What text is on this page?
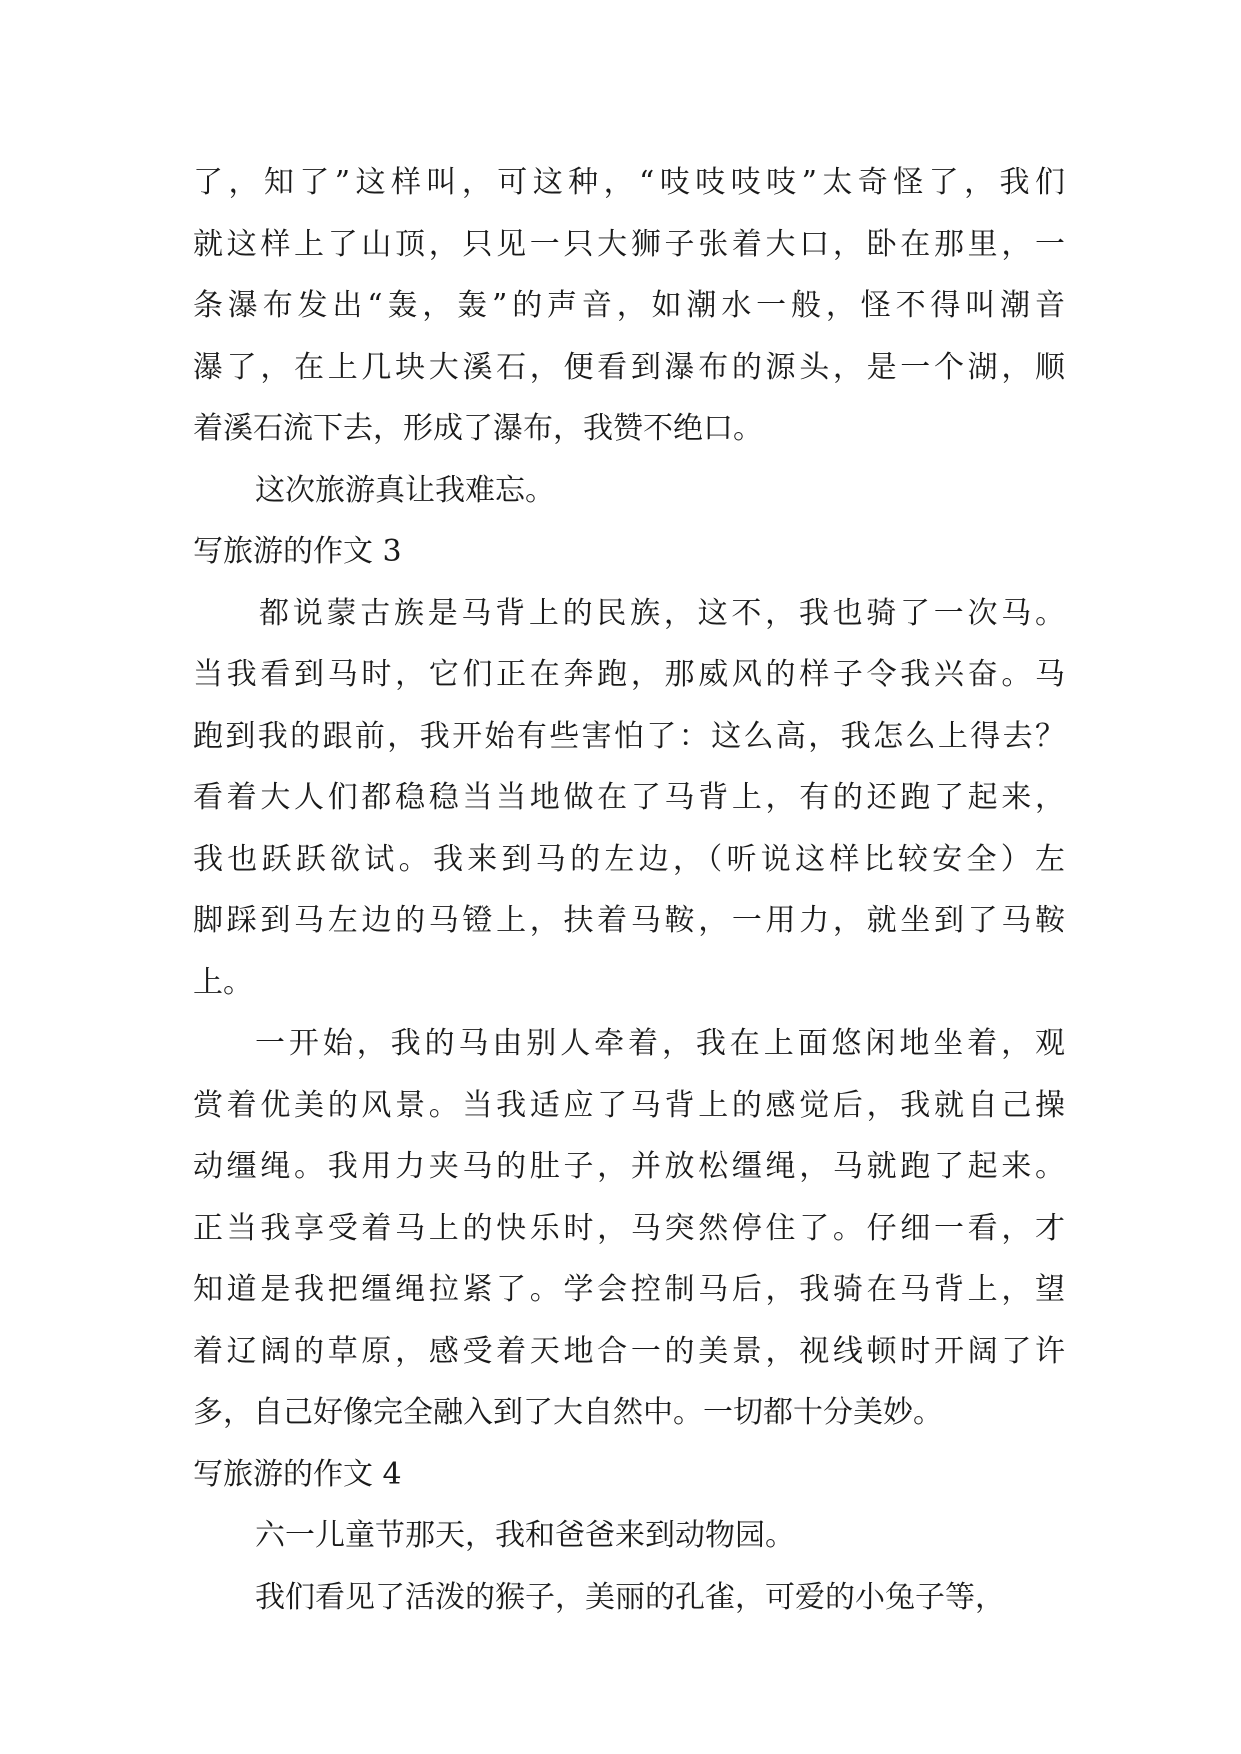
了，知了”这样叫，可这种，“吱吱吱吱”太奇怪了，我们
就这样上了山顶，只见一只大狮子张着大口，卧在那里，一
条瀑布发出“轰，轰”的声音，如潮水一般，怪不得叫潮音
瀑了，在上几块大溪石，便看到瀑布的源头，是一个湖，顺
着溪石流下去，形成了瀑布，我赞不绝口。
这次旅游真让我难忘。
写旅游的作文 3
都说蒙古族是马背上的民族，这不，我也骑了一次马。
当我看到马时，它们正在奔跑，那威风的样子令我兴奋。马
跑到我的跟前，我开始有些害怕了：这么高，我怎么上得去？
看着大人们都稳稳当当地做在了马背上，有的还跑了起来，
我也跃跃欲试。我来到马的左边，（听说这样比较安全）左
脚踩到马左边的马镫上，扶着马鞍，一用力，就坐到了马鞍
上。
一开始，我的马由别人牵着，我在上面悠闲地坐着，观
赏着优美的风景。当我适应了马背上的感觉后，我就自己操
动缰绳。我用力夹马的肚子，并放松缰绳，马就跑了起来。
正当我享受着马上的快乐时，马突然停住了。仔细一看，才
知道是我把缰绳拉紧了。学会控制马后，我骑在马背上，望
着辽阔的草原，感受着天地合一的美景，视线顿时开阔了许
多，自己好像完全融入到了大自然中。一切都十分美妙。
写旅游的作文 4
六一儿童节那天，我和爸爸来到动物园。
我们看见了活泼的猴子，美丽的孔雀，可爱的小兔子等，
